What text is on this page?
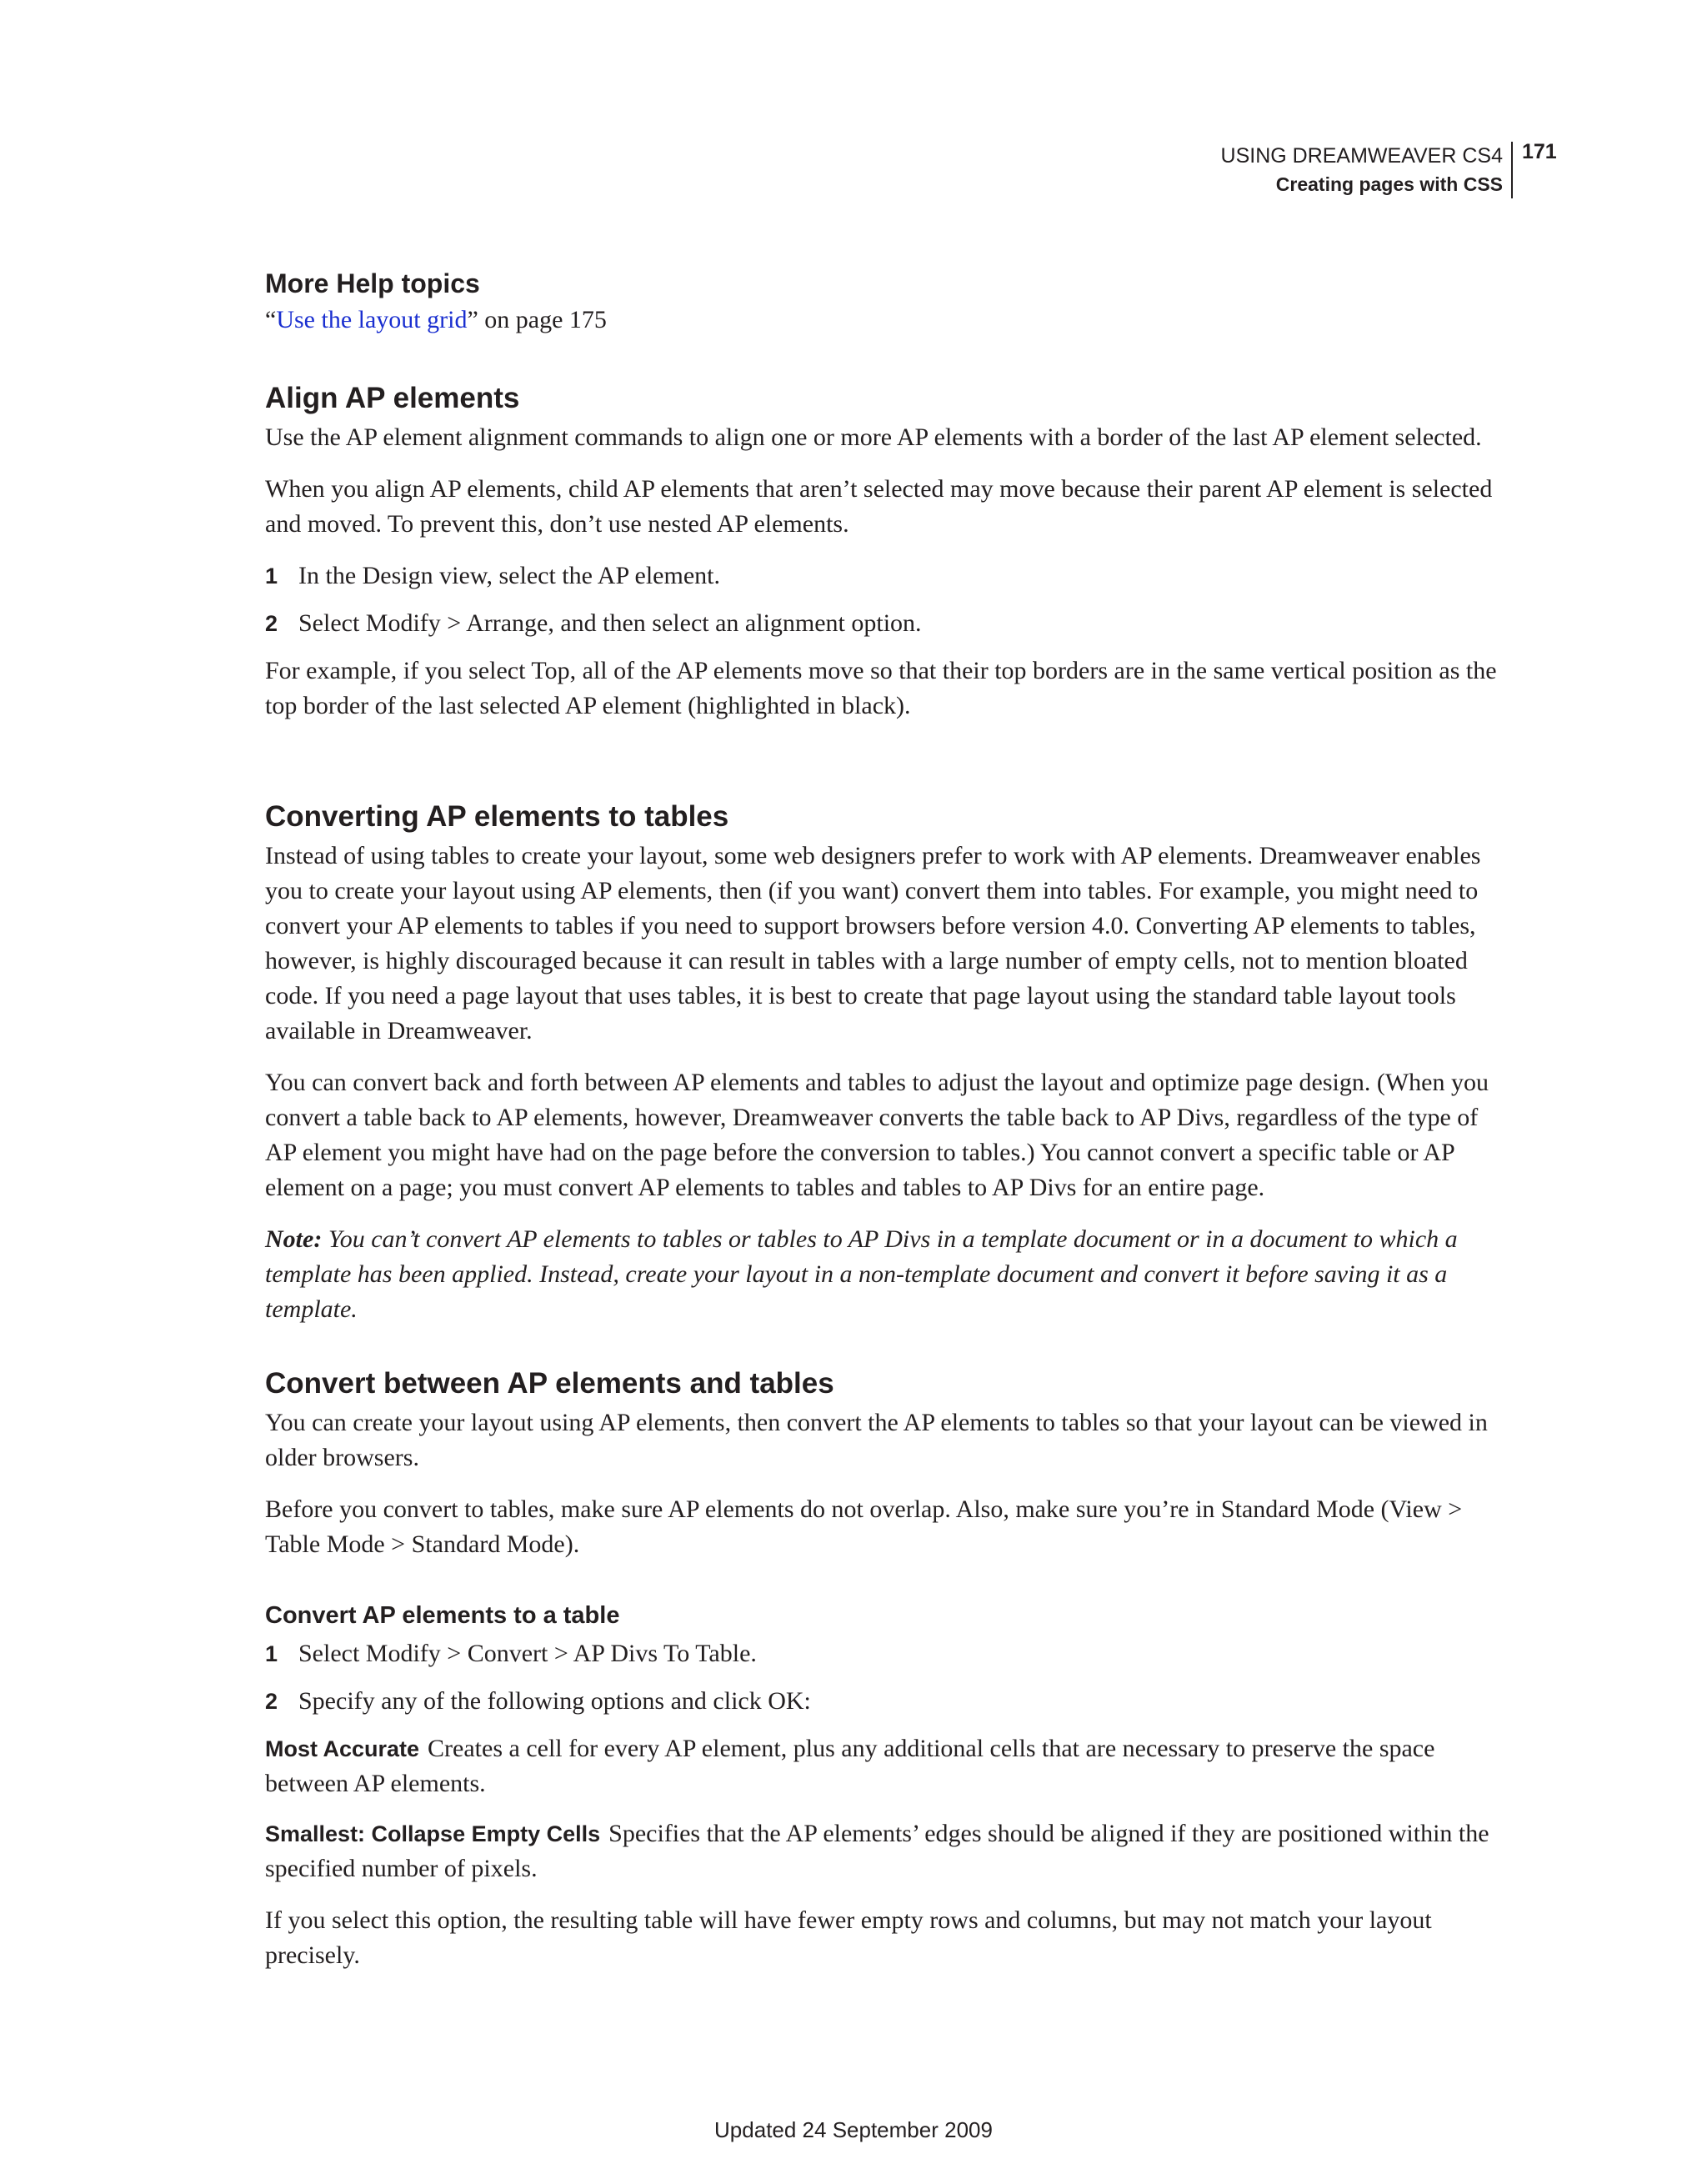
USING DREAMWEAVER CS4
Creating pages with CSS
171
More Help topics

“Use the layout grid” on page 175

Align AP elements

Use the AP element alignment commands to align one or more AP elements with a border of the last AP element selected.

When you align AP elements, child AP elements that aren’t selected may move because their parent AP element is selected and moved. To prevent this, don’t use nested AP elements.

1 In the Design view, select the AP element.
2 Select Modify > Arrange, and then select an alignment option.

For example, if you select Top, all of the AP elements move so that their top borders are in the same vertical position as the top border of the last selected AP element (highlighted in black).

Converting AP elements to tables

Instead of using tables to create your layout, some web designers prefer to work with AP elements. Dreamweaver enables you to create your layout using AP elements, then (if you want) convert them into tables. For example, you might need to convert your AP elements to tables if you need to support browsers before version 4.0. Converting AP elements to tables, however, is highly discouraged because it can result in tables with a large number of empty cells, not to mention bloated code. If you need a page layout that uses tables, it is best to create that page layout using the standard table layout tools available in Dreamweaver.

You can convert back and forth between AP elements and tables to adjust the layout and optimize page design. (When you convert a table back to AP elements, however, Dreamweaver converts the table back to AP Divs, regardless of the type of AP element you might have had on the page before the conversion to tables.) You cannot convert a specific table or AP element on a page; you must convert AP elements to tables and tables to AP Divs for an entire page.

Note: You can’t convert AP elements to tables or tables to AP Divs in a template document or in a document to which a template has been applied. Instead, create your layout in a non-template document and convert it before saving it as a template.

Convert between AP elements and tables

You can create your layout using AP elements, then convert the AP elements to tables so that your layout can be viewed in older browsers.

Before you convert to tables, make sure AP elements do not overlap. Also, make sure you’re in Standard Mode (View > Table Mode > Standard Mode).

Convert AP elements to a table
1 Select Modify > Convert > AP Divs To Table.
2 Specify any of the following options and click OK:

Most Accurate Creates a cell for every AP element, plus any additional cells that are necessary to preserve the space between AP elements.

Smallest: Collapse Empty Cells Specifies that the AP elements’ edges should be aligned if they are positioned within the specified number of pixels.

If you select this option, the resulting table will have fewer empty rows and columns, but may not match your layout precisely.

Updated 24 September 2009
